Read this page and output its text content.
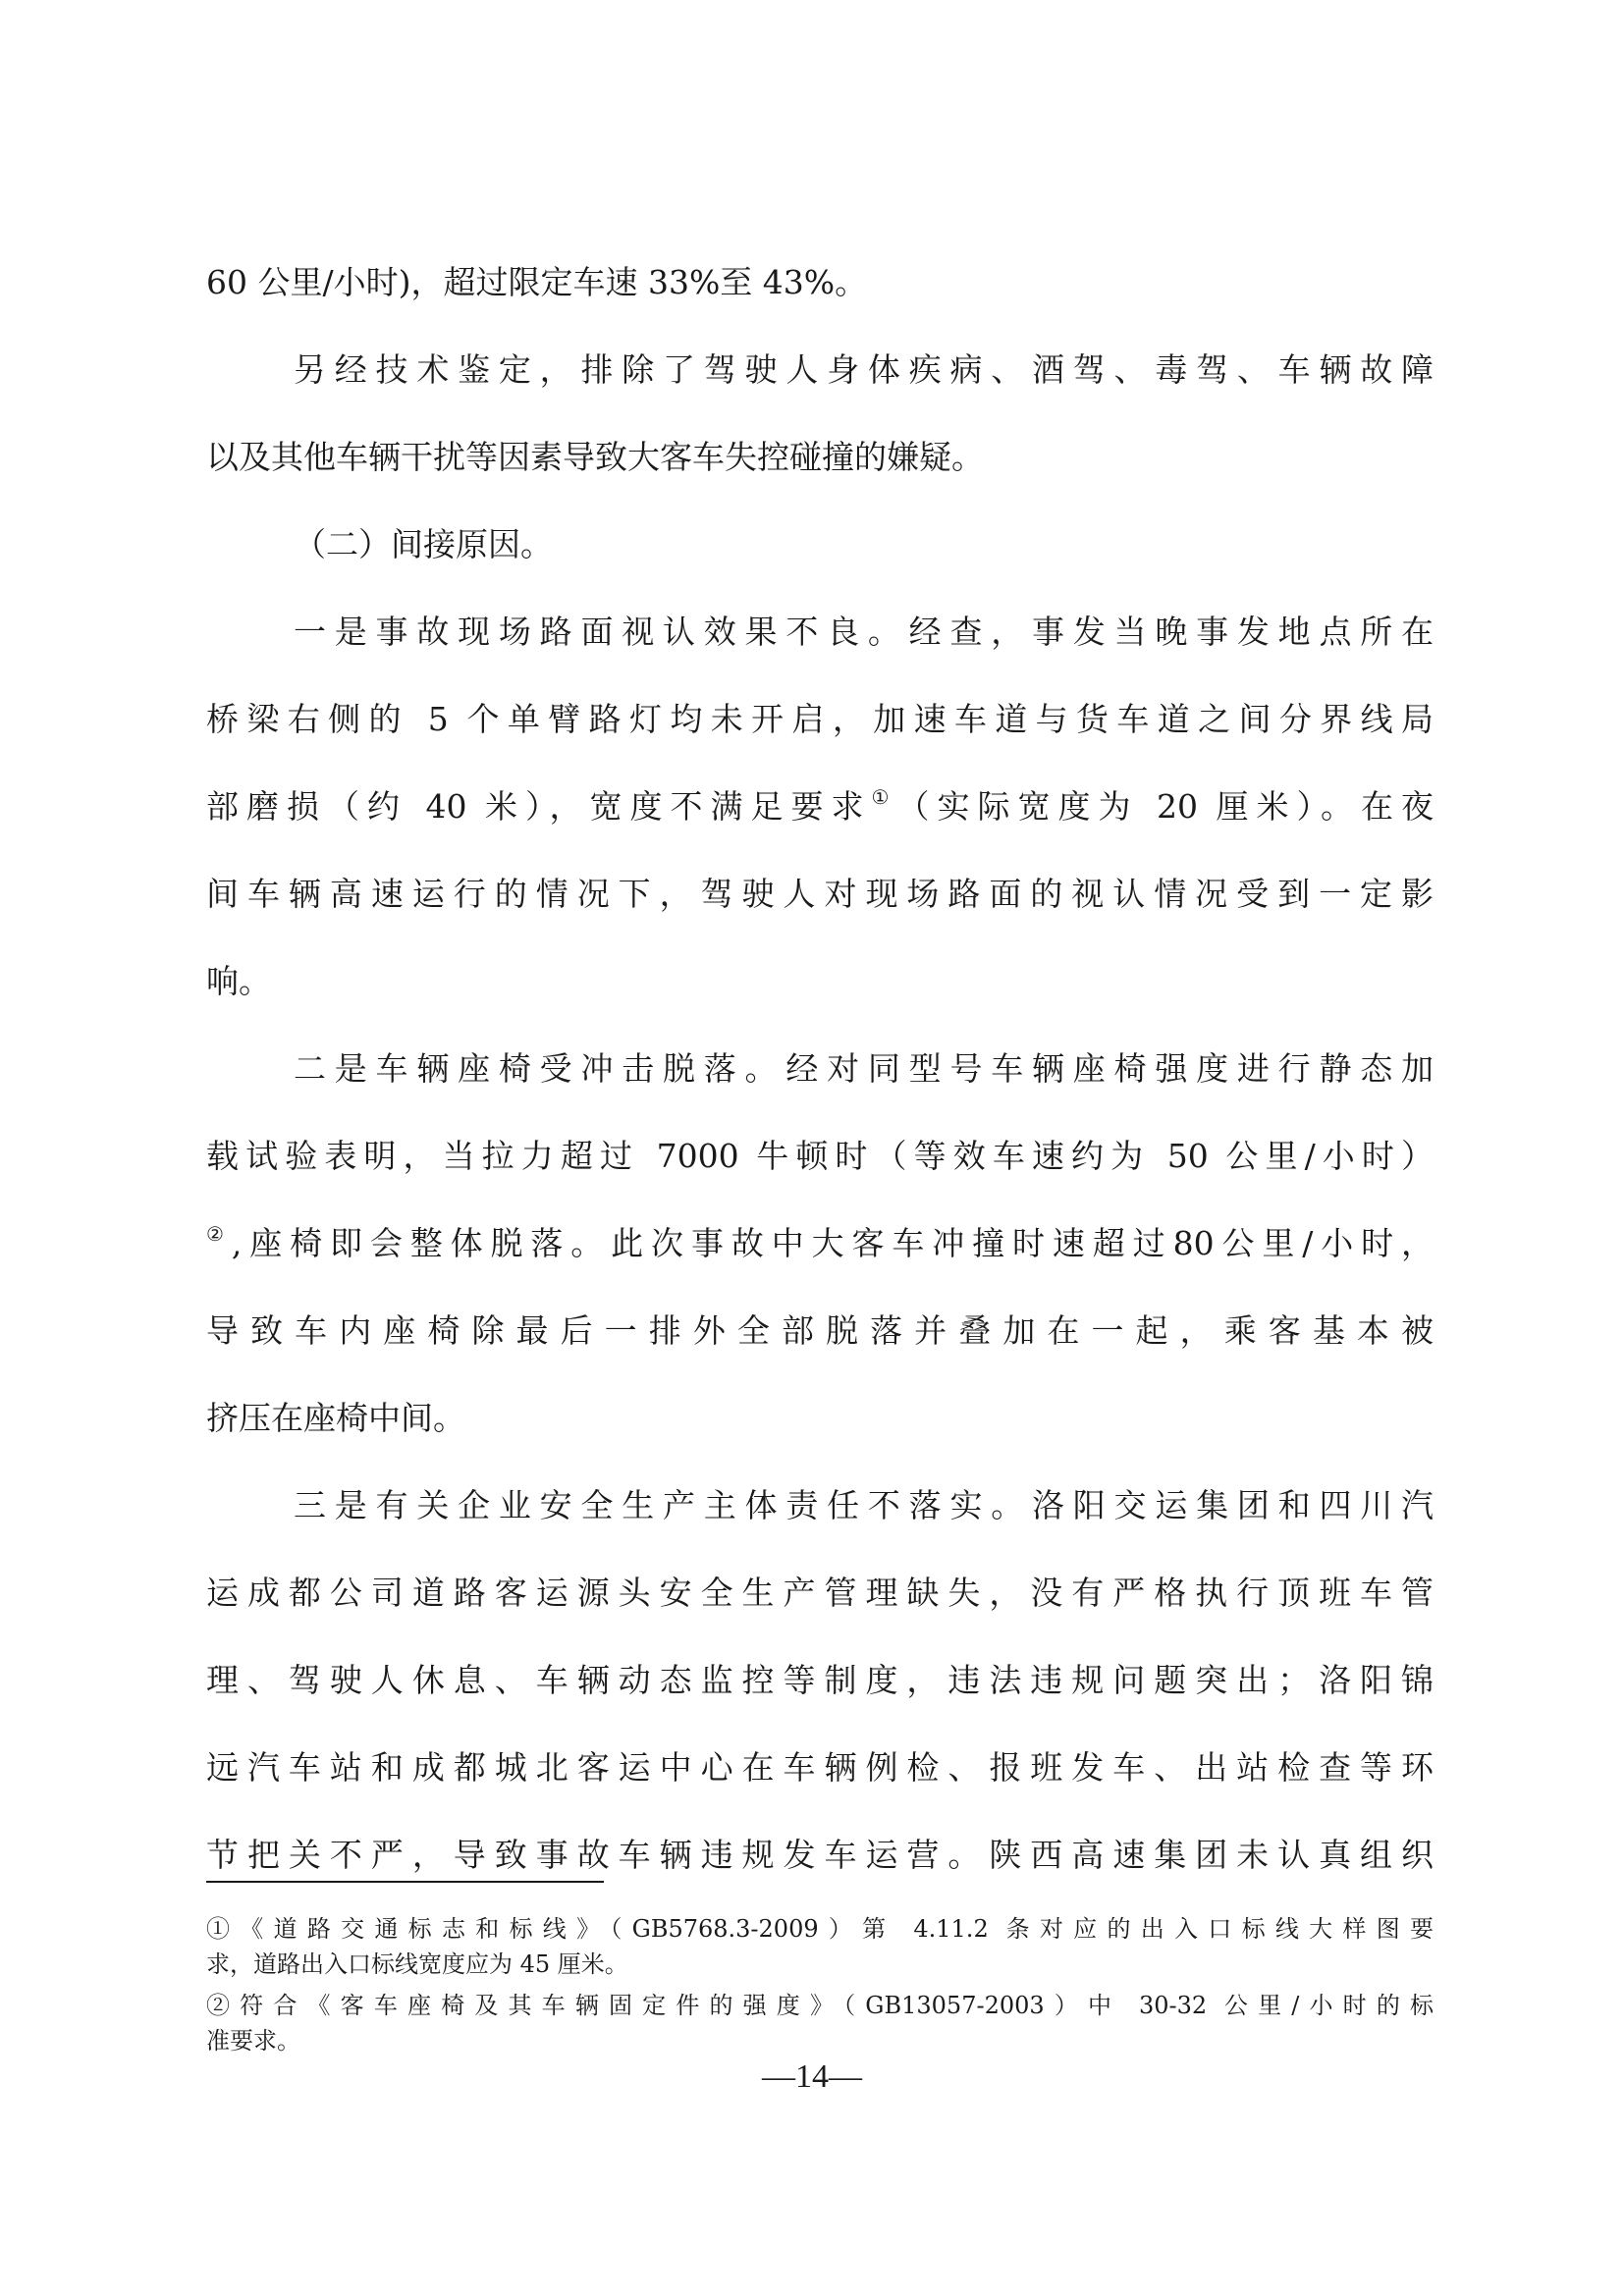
60 公里/小时)，超过限定车速 33%至 43%。
另经技术鉴定，排除了驾驶人身体疾病、酒驾、毒驾、车辆故障
以及其他车辆干扰等因素导致大客车失控碰撞的嫌疑。
（二）间接原因。
一是事故现场路面视认效果不良。经查，事发当晚事发地点所在
桥梁右侧的 5 个单臂路灯均未开启，加速车道与货车道之间分界线局
部磨损（约 40 米），宽度不满足要求①（实际宽度为 20 厘米）。在夜
间车辆高速运行的情况下，驾驶人对现场路面的视认情况受到一定影
响。
二是车辆座椅受冲击脱落。经对同型号车辆座椅强度进行静态加
载试验表明，当拉力超过 7000 牛顿时（等效车速约为 50 公里/小时）
②,座椅即会整体脱落。此次事故中大客车冲撞时速超过80公里/小时，
导致车内座椅除最后一排外全部脱落并叠加在一起，乘客基本被
挤压在座椅中间。
三是有关企业安全生产主体责任不落实。洛阳交运集团和四川汽
运成都公司道路客运源头安全生产管理缺失，没有严格执行顶班车管
理、驾驶人休息、车辆动态监控等制度，违法违规问题突出；洛阳锦
远汽车站和成都城北客运中心在车辆例检、报班发车、出站检查等环
节把关不严，导致事故车辆违规发车运营。陕西高速集团未认真组织
①《道路交通标志和标线》（GB5768.3-2009）第 4.11.2 条对应的出入口标线大样图要
求，道路出入口标线宽度应为 45 厘米。
②符合《客车座椅及其车辆固定件的强度》（GB13057-2003）中 30-32 公里/小时的标
准要求。
—14—
